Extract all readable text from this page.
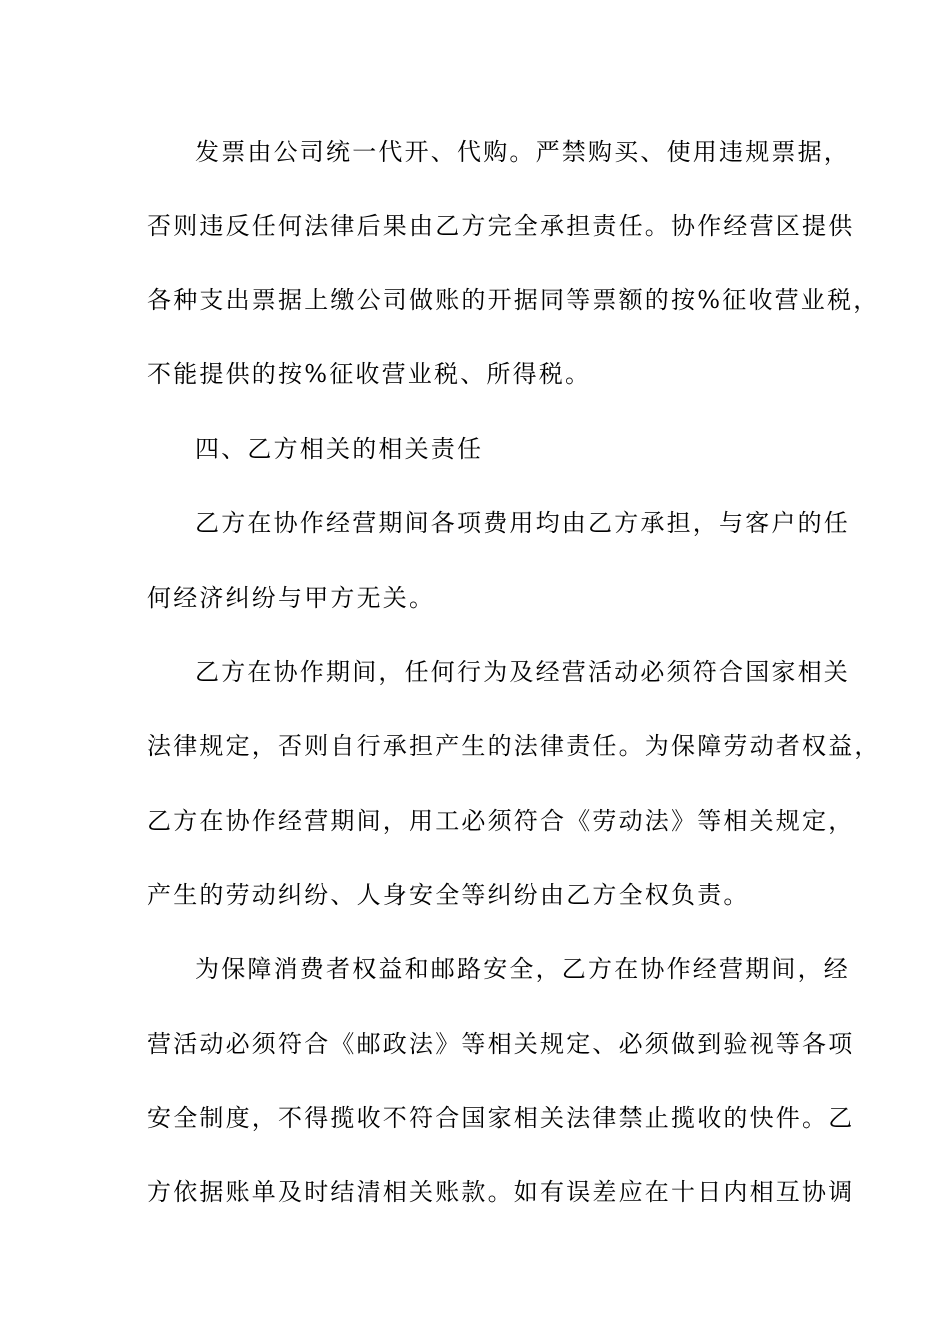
发票由公司统一代开、代购。严禁购买、使用违规票据，
否则违反任何法律后果由乙方完全承担责任。协作经营区提供
各种支出票据上缴公司做账的开据同等票额的按%征收营业税，
不能提供的按%征收营业税、所得税。
四、乙方相关的相关责任
乙方在协作经营期间各项费用均由乙方承担，与客户的任
何经济纠纷与甲方无关。
乙方在协作期间，任何行为及经营活动必须符合国家相关
法律规定，否则自行承担产生的法律责任。为保障劳动者权益，
乙方在协作经营期间，用工必须符合《劳动法》等相关规定，
产生的劳动纠纷、人身安全等纠纷由乙方全权负责。
为保障消费者权益和邮路安全，乙方在协作经营期间，经
营活动必须符合《邮政法》等相关规定、必须做到验视等各项
安全制度，不得揽收不符合国家相关法律禁止揽收的快件。乙
方依据账单及时结清相关账款。如有误差应在十日内相互协调
